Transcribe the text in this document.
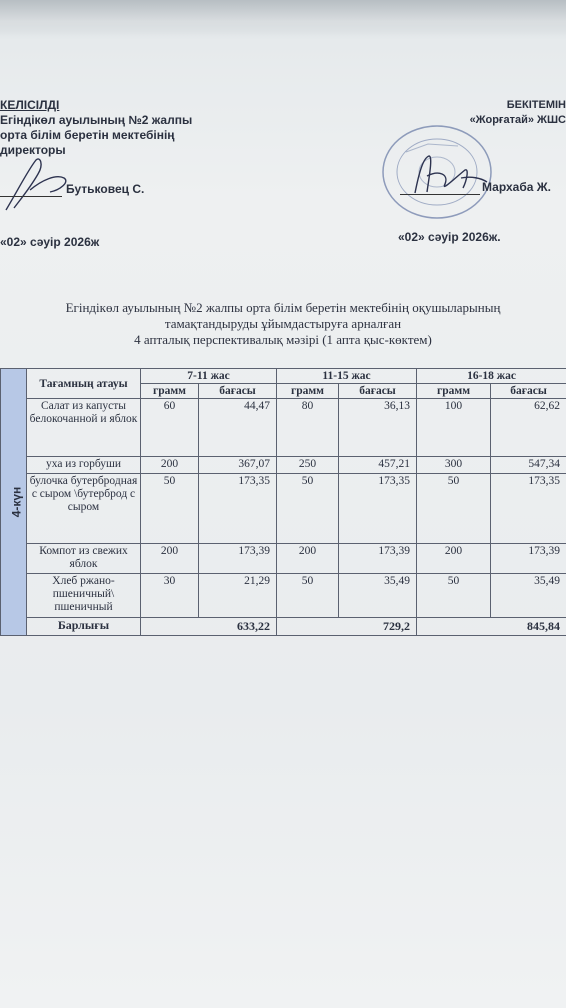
КЕЛІСІЛДІ
Егіндікөл ауылының №2 жалпы
орта білім беретін мектебінің
директоры
Бутьковец С.
«02» сәуір 2026ж
БЕКІТЕМІН
«Жорғатай» ЖШС
Мархаба Ж.
«02» сәуір 2026ж.
Егіндікөл ауылының №2 жалпы орта білім беретін мектебінің оқушыларының
тамақтандыруды ұйымдастыруға арналған
4 апталық перспективалық мәзірі (1 апта қыс-көктем)
4-күн	Тағамның атауы	7-11 жас		11-15 жас		16-18 жас	
		грамм	бағасы	грамм	бағасы	грамм	бағасы
	Салат из капусты белокочанной и яблок	60	44,47	80	36,13	100	62,62
	уха из горбуши	200	367,07	250	457,21	300	547,34
	булочка бутербродная с сыром \бутерброд с сыром	50	173,35	50	173,35	50	173,35
	Компот из свежих яблок	200	173,39	200	173,39	200	173,39
	Хлеб ржано-пшеничный\ пшеничный	30	21,29	50	35,49	50	35,49
	Барлығы	633,22		729,2		845,84	
